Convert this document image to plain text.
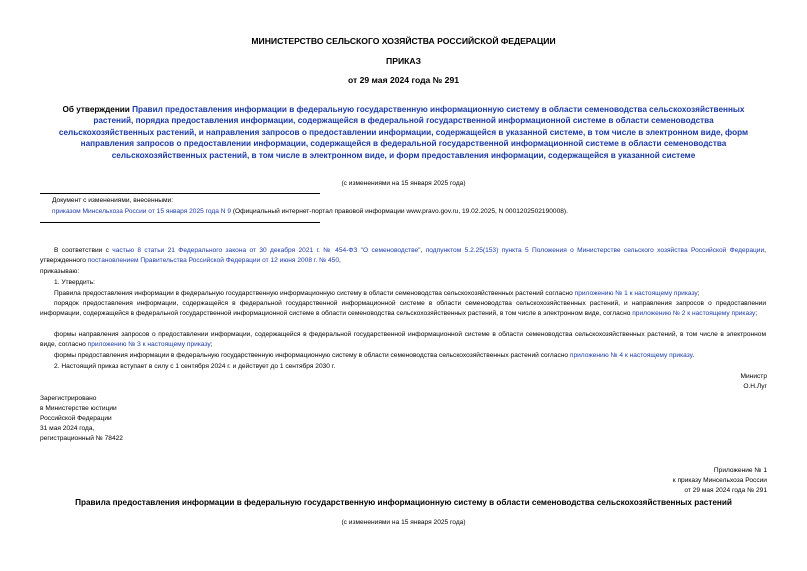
МИНИСТЕРСТВО СЕЛЬСКОГО ХОЗЯЙСТВА РОССИЙСКОЙ ФЕДЕРАЦИИ
ПРИКАЗ
от 29 мая 2024 года № 291
Об утверждении Правил предоставления информации в федеральную государственную информационную систему в области семеноводства сельскохозяйственных растений, порядка предоставления информации, содержащейся в федеральной государственной информационной системе в области семеноводства сельскохозяйственных растений, и направления запросов о предоставлении информации, содержащейся в указанной системе, в том числе в электронном виде, форм направления запросов о предоставлении информации, содержащейся в федеральной государственной информационной системе в области семеноводства сельскохозяйственных растений, в том числе в электронном виде, и форм предоставления информации, содержащейся в указанной системе
(с изменениями на 15 января 2025 года)
Документ с изменениями, внесенными:
приказом Минсельхоза России от 15 января 2025 года N 9 (Официальный интернет-портал правовой информации www.pravo.gov.ru, 19.02.2025, N 0001202502190008).
В соответствии с частью 8 статьи 21 Федерального закона от 30 декабря 2021 г. № 454-ФЗ "О семеноводстве", подпунктом 5.2.25(153) пункта 5 Положения о Министерстве сельского хозяйства Российской Федерации, утвержденного постановлением Правительства Российской Федерации от 12 июня 2008 г. № 450,
приказываю:
1. Утвердить:
Правила предоставления информации в федеральную государственную информационную систему в области семеноводства сельскохозяйственных растений согласно приложению № 1 к настоящему приказу;
порядок предоставления информации, содержащейся в федеральной государственной информационной системе в области семеноводства сельскохозяйственных растений, и направления запросов о предоставлении информации, содержащейся в федеральной государственной информационной системе в области семеноводства сельскохозяйственных растений, в том числе в электронном виде, согласно приложению № 2 к настоящему приказу;
формы направления запросов о предоставлении информации, содержащейся в федеральной государственной информационной системе в области семеноводства сельскохозяйственных растений, в том числе в электронном виде, согласно приложению № 3 к настоящему приказу;
формы предоставления информации в федеральную государственную информационную систему в области семеноводства сельскохозяйственных растений согласно приложению № 4 к настоящему приказу.
2. Настоящий приказ вступает в силу с 1 сентября 2024 г. и действует до 1 сентября 2030 г.
Министр
О.Н.Луг
Зарегистрировано
в Министерстве юстиции
Российской Федерации
31 мая 2024 года,
регистрационный № 78422
Приложение № 1
к приказу Минсельхоза России
от 29 мая 2024 года № 291
Правила предоставления информации в федеральную государственную информационную систему в области семеноводства сельскохозяйственных растений
(с изменениями на 15 января 2025 года)
